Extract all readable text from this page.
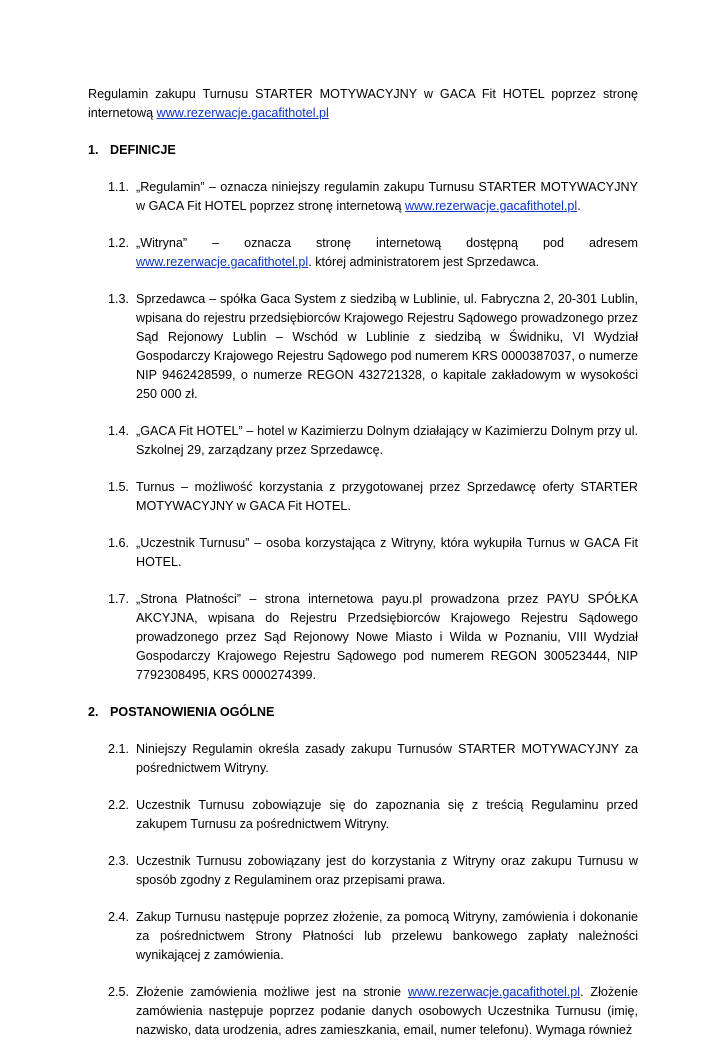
Regulamin zakupu Turnusu STARTER MOTYWACYJNY w GACA Fit HOTEL poprzez stronę internetową www.rezerwacje.gacafithotel.pl

1. DEFINICJE
1.1. „Regulamin” – oznacza niniejszy regulamin zakupu Turnusu STARTER MOTYWACYJNY w GACA Fit HOTEL poprzez stronę internetową www.rezerwacje.gacafithotel.pl.
1.2. „Witryna” – oznacza stronę internetową dostępną pod adresem www.rezerwacje.gacafithotel.pl. której administratorem jest Sprzedawca.
1.3. Sprzedawca – spółka Gaca System z siedzibą w Lublinie, ul. Fabryczna 2, 20-301 Lublin, wpisana do rejestru przedsiębiorców Krajowego Rejestru Sądowego prowadzonego przez Sąd Rejonowy Lublin – Wschód w Lublinie z siedzibą w Świdniku, VI Wydział Gospodarczy Krajowego Rejestru Sądowego pod numerem KRS 0000387037, o numerze NIP 9462428599, o numerze REGON 432721328, o kapitale zakładowym w wysokości 250 000 zł.
1.4. „GACA Fit HOTEL” – hotel w Kazimierzu Dolnym działający w Kazimierzu Dolnym przy ul. Szkolnej 29, zarządzany przez Sprzedawcę.
1.5. Turnus – możliwość korzystania z przygotowanej przez Sprzedawcę oferty STARTER MOTYWACYJNY w GACA Fit HOTEL.
1.6. „Uczestnik Turnusu” – osoba korzystająca z Witryny, która wykupiła Turnus w GACA Fit HOTEL.
1.7. „Strona Płatności” – strona internetowa payu.pl prowadzona przez PAYU SPÓŁKA AKCYJNA, wpisana do Rejestru Przedsiębiorców Krajowego Rejestru Sądowego prowadzonego przez Sąd Rejonowy Nowe Miasto i Wilda w Poznaniu, VIII Wydział Gospodarczy Krajowego Rejestru Sądowego pod numerem REGON 300523444, NIP 7792308495, KRS 0000274399.
2. POSTANOWIENIA OGÓLNE
2.1. Niniejszy Regulamin określa zasady zakupu Turnusów STARTER MOTYWACYJNY za pośrednictwem Witryny.
2.2. Uczestnik Turnusu zobowiązuje się do zapoznania się z treścią Regulaminu przed zakupem Turnusu za pośrednictwem Witryny.
2.3. Uczestnik Turnusu zobowiązany jest do korzystania z Witryny oraz zakupu Turnusu w sposób zgodny z Regulaminem oraz przepisami prawa.
2.4. Zakup Turnusu następuje poprzez złożenie, za pomocą Witryny, zamówienia i dokonanie za pośrednictwem Strony Płatności lub przelewu bankowego zapłaty należności wynikającej z zamówienia.
2.5. Złożenie zamówienia możliwe jest na stronie www.rezerwacje.gacafithotel.pl. Złożenie zamówienia następuje poprzez podanie danych osobowych Uczestnika Turnusu (imię, nazwisko, data urodzenia, adres zamieszkania, email, numer telefonu). Wymaga również
